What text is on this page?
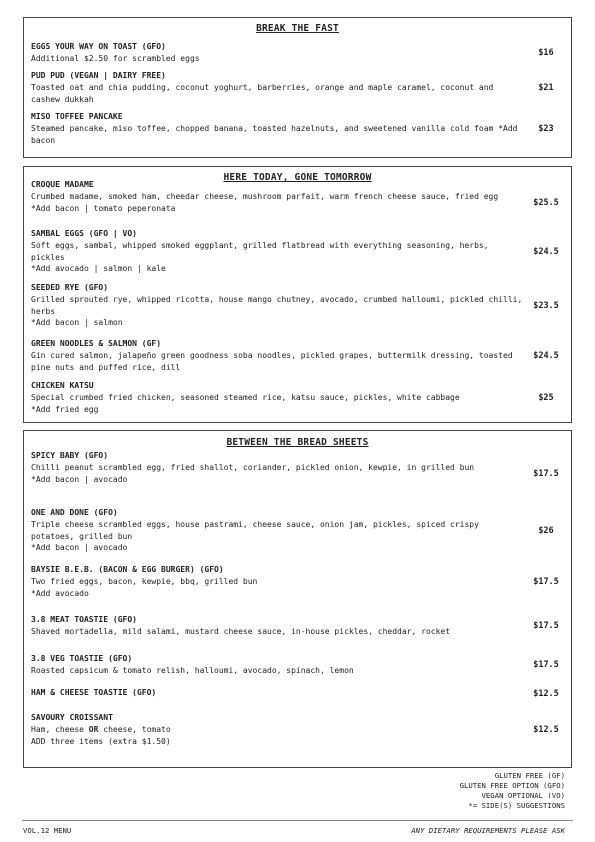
BREAK THE FAST
EGGS YOUR WAY ON TOAST (GFO)
Additional $2.50 for scrambled eggs
$16
PUD PUD (VEGAN | DAIRY FREE)
Toasted oat and chia pudding, coconut yoghurt, barberries, orange and maple caramel, coconut and cashew dukkah
$21
MISO TOFFEE PANCAKE
Steamed pancake, miso toffee, chopped banana, toasted hazelnuts, and sweetened vanilla cold foam *Add bacon
$23
HERE TODAY, GONE TOMORROW
CROQUE MADAME
Crumbed madame, smoked ham, cheedar cheese, mushroom parfait, warm french cheese sauce, fried egg
*Add bacon | tomato peperonata
$25.5
SAMBAL EGGS (GFO | VO)
Soft eggs, sambal, whipped smoked eggplant, grilled flatbread with everything seasoning, herbs, pickles
*Add avocado | salmon | kale
$24.5
SEEDED RYE (GFO)
Grilled sprouted rye, whipped ricotta, house mango chutney, avocado, crumbed halloumi, pickled chilli, herbs
*Add bacon | salmon
$23.5
GREEN NOODLES & SALMON (GF)
Gin cured salmon, jalapeño green goodness soba noodles, pickled grapes, buttermilk dressing, toasted pine nuts and puffed rice, dill
$24.5
CHICKEN KATSU
Special crumbed fried chicken, seasoned steamed rice, katsu sauce, pickles, white cabbage
*Add fried egg
$25
BETWEEN THE BREAD SHEETS
SPICY BABY (GFO)
Chilli peanut scrambled egg, fried shallot, coriander, pickled onion, kewpie, in grilled bun
*Add bacon | avocado	$17.5
ONE AND DONE (GFO)
Triple cheese scrambled eggs, house pastrami, cheese sauce, onion jam, pickles, spiced crispy potatoes, grilled bun
*Add bacon | avocado
$26
BAYSIE B.E.B. (BACON & EGG BURGER) (GFO)
Two fried eggs, bacon, kewpie, bbq, grilled bun
*Add avocado
$17.5
3.8 MEAT TOASTIE (GFO)
Shaved mortadella, mild salami, mustard cheese sauce, in-house pickles, cheddar, rocket
$17.5
3.8 VEG TOASTIE (GFO)
Roasted capsicum & tomato relish, halloumi, avocado, spinach, lemon
$17.5
HAM & CHEESE TOASTIE (GFO)	$12.5
SAVOURY CROISSANT
Ham, cheese OR cheese, tomato
ADD three items (extra $1.50)
$12.5
GLUTEN FREE (GF)
GLUTEN FREE OPTION (GFO)
VEGAN OPTIONAL (VO)
*= SIDE(S) SUGGESTIONS
VOL.12 MENU	ANY DIETARY REQUIREMENTS PLEASE ASK
